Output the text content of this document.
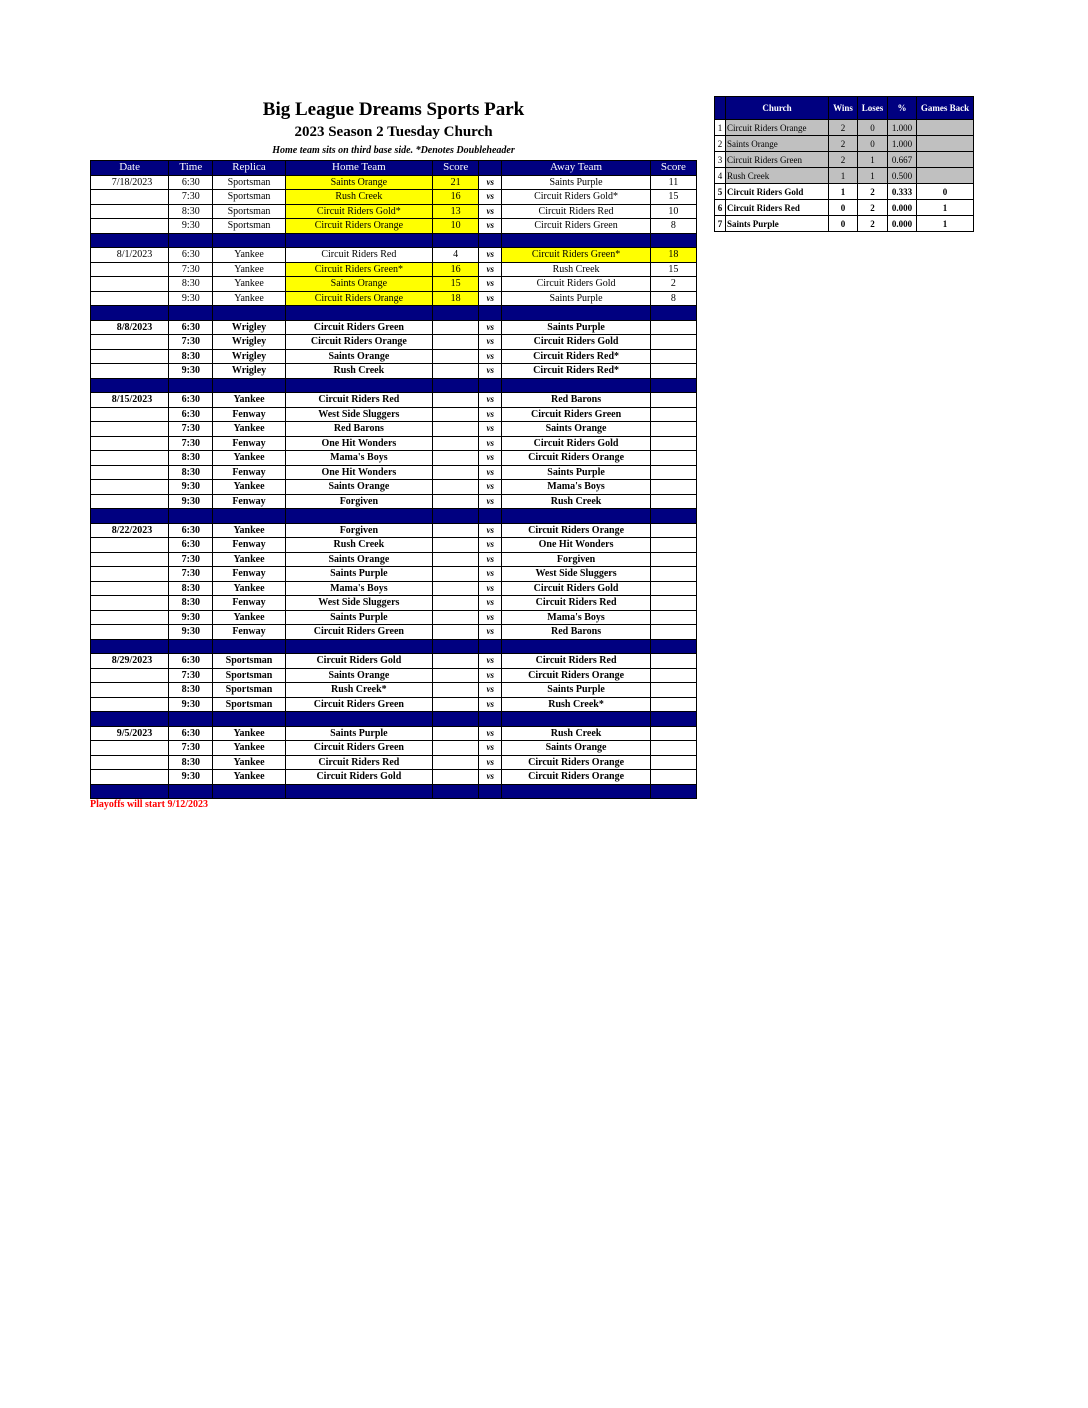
Big League Dreams Sports Park
2023 Season 2 Tuesday Church
Home team sits on third base side. *Denotes Doubleheader
Date	Time	Replica	Home Team	Score		Away Team	Score
7/18/2023	6:30	Sportsman	Saints Orange	21	vs	Saints Purple	11
	7:30	Sportsman	Rush Creek	16	vs	Circuit Riders Gold*	15
	8:30	Sportsman	Circuit Riders Gold*	13	vs	Circuit Riders Red	10
	9:30	Sportsman	Circuit Riders Orange	10	vs	Circuit Riders Green	8

8/1/2023	6:30	Yankee	Circuit Riders Red	4	vs	Circuit Riders Green*	18
	7:30	Yankee	Circuit Riders Green*	16	vs	Rush Creek	15
	8:30	Yankee	Saints Orange	15	vs	Circuit Riders Gold	2
	9:30	Yankee	Circuit Riders Orange	18	vs	Saints Purple	8

8/8/2023	6:30	Wrigley	Circuit Riders Green		vs	Saints Purple	
	7:30	Wrigley	Circuit Riders Orange		vs	Circuit Riders Gold	
	8:30	Wrigley	Saints Orange		vs	Circuit Riders Red*	
	9:30	Wrigley	Rush Creek		vs	Circuit Riders Red*	

8/15/2023	6:30	Yankee	Circuit Riders Red		vs	Red Barons	
	6:30	Fenway	West Side Sluggers		vs	Circuit Riders Green	
	7:30	Yankee	Red Barons		vs	Saints Orange	
	7:30	Fenway	One Hit Wonders		vs	Circuit Riders Gold	
	8:30	Yankee	Mama's Boys		vs	Circuit Riders Orange	
	8:30	Fenway	One Hit Wonders		vs	Saints Purple	
	9:30	Yankee	Saints Orange		vs	Mama's Boys	
	9:30	Fenway	Forgiven		vs	Rush Creek	

8/22/2023	6:30	Yankee	Forgiven		vs	Circuit Riders Orange	
	6:30	Fenway	Rush Creek		vs	One Hit Wonders	
	7:30	Yankee	Saints Orange		vs	Forgiven	
	7:30	Fenway	Saints Purple		vs	West Side Sluggers	
	8:30	Yankee	Mama's Boys		vs	Circuit Riders Gold	
	8:30	Fenway	West Side Sluggers		vs	Circuit Riders Red	
	9:30	Yankee	Saints Purple		vs	Mama's Boys	
	9:30	Fenway	Circuit Riders Green		vs	Red Barons	

8/29/2023	6:30	Sportsman	Circuit Riders Gold		vs	Circuit Riders Red	
	7:30	Sportsman	Saints Orange		vs	Circuit Riders Orange	
	8:30	Sportsman	Rush Creek*		vs	Saints Purple	
	9:30	Sportsman	Circuit Riders Green		vs	Rush Creek*	

9/5/2023	6:30	Yankee	Saints Purple		vs	Rush Creek	
	7:30	Yankee	Circuit Riders Green		vs	Saints Orange	
	8:30	Yankee	Circuit Riders Red		vs	Circuit Riders Orange	
	9:30	Yankee	Circuit Riders Gold		vs	Circuit Riders Orange	

Playoffs will start 9/12/2023
	Church	Wins	Loses	%	Games Back
1	Circuit Riders Orange	2	0	1.000	
2	Saints Orange	2	0	1.000	
3	Circuit Riders Green	2	1	0.667	
4	Rush Creek	1	1	0.500	
5	Circuit Riders Gold	1	2	0.333	0
6	Circuit Riders Red	0	2	0.000	1
7	Saints Purple	0	2	0.000	1
